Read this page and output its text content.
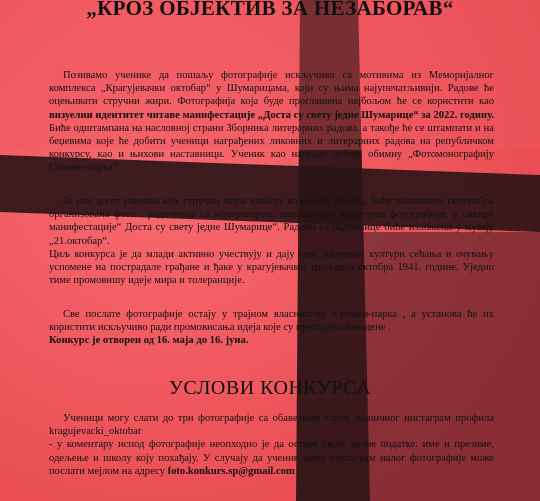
„КРОЗ ОБЈЕКТИВ ЗА НЕЗАБОРАВ“

Позивамо ученике да пошаљу фотографије искључиво са мотивима из Меморијалног комплекса „Крагујевачки октобар“ у Шумарицама, који су њима најупечатљивији. Радове ће оцењивати стручни жири. Фотографија која буде проглашена најбољом ће се користити као визуелни идентитет читаве манифестације „Доста су свету једне Шумарице“ за 2022. годину. Биће одштампана на насловној страни Зборника литерарних радова, а такође ће се штампати и на беџевима које ће добити ученици награђених ликовних и литерарних радова на републичком конкурсу, као и њихови наставници. Ученик као награду добија обимну „Фотомонографију Спомен-парка“.

За још десет ученика које стручни жири изабере на основу радова, биће половином септембра организована фото - радионица са модератором, еминентним мајстором фотографије, у оквиру манифестације“ Доста су свету једне Шумарице“. Радови са радионице биће изложени у музеју „21.октобар“.

Циљ конкурса је да млади активно учествују и дају свој допринос култури сећања и очувању успомене на пострадале грађане и ђаке у крагујевачкој трагедији октобра 1941. године. Уједно тиме промовишу идеје мира и толеранције.

Све послате фотографије остају у трајном власништву Спомен-парка , а установа ће их користити искључиво ради промовисања идеја које су претходно наведене .

Конкурс је отворен од 16. маја до 16. јуна.

УСЛОВИ КОНКУРСА

Ученици могу слати до три фотографије са обавезним тагом званичног инстаграм профила kragujevacki_oktobar

- у коментару испод фотографије неопходно је да оставе своје личне податке: име и презиме, одељење и школу коју похађају. У случају да ученик нема инстаграм налог фотографије може послати мејлом на адресу foto.konkurs.sp@gmail.com
